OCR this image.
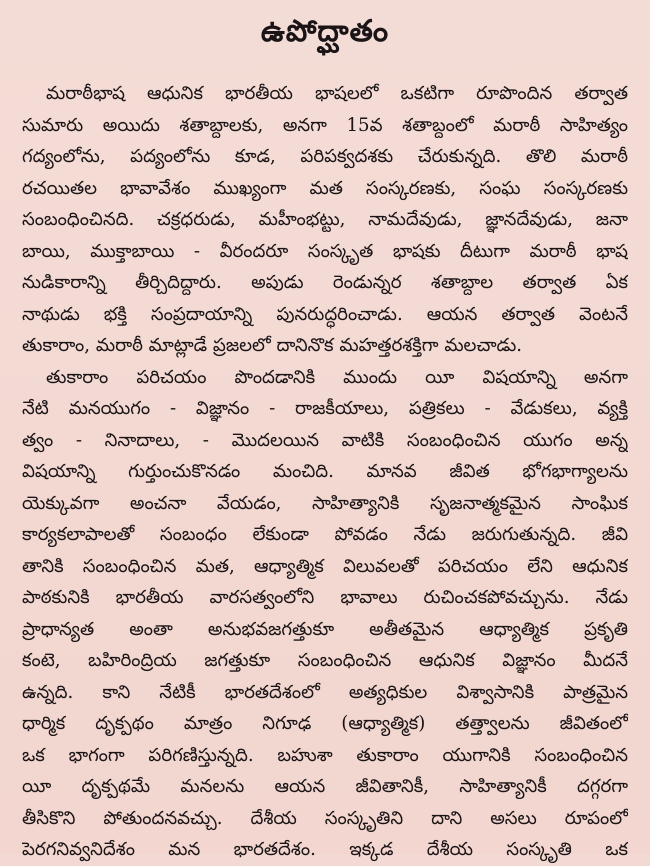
ఉపోద్ఘాతం
మరాఠీభాష ఆధునిక భారతీయ భాషలలో ఒకటిగా రూపొందిన తర్వాత
సుమారు అయిదు శతాబ్దాలకు, అనగా 15వ శతాబ్దంలో మరాఠీ సాహిత్యం
గద్యంలోను, పద్యంలోను కూడ, పరిపక్వదశకు చేరుకున్నది. తొలి మరాఠీ
రచయితల భావావేశం ముఖ్యంగా మత సంస్కరణకు, సంఘ సంస్కరణకు
సంబంధించినది. చక్రధరుడు, మహీంభట్టు, నామదేవుడు, జ్ఞానదేవుడు, జనా
బాయి, ముక్తాబాయి - వీరందరూ సంస్కృత భాషకు దీటుగా మరాఠీ భాష
నుడికారాన్ని తీర్చిదిద్దారు. అపుడు రెండున్నర శతాబ్దాల తర్వాత ఏక
నాథుడు భక్తి సంప్రదాయాన్ని పునరుద్ధరించాడు. ఆయన తర్వాత వెంటనే
తుకారాం, మరాఠీ మాట్లాడే ప్రజలలో దానినొక మహత్తరశక్తిగా మలచాడు.
తుకారాం పరిచయం పొందడానికి ముందు యీ విషయాన్ని అనగా
నేటి మనయుగం - విజ్ఞానం - రాజకీయాలు, పత్రికలు - వేడుకలు, వ్యక్తి
త్వం - నినాదాలు, - మొదలయిన వాటికి సంబంధించిన యుగం అన్న
విషయాన్ని గుర్తుంచుకొనడం మంచిది. మానవ జీవిత భోగభాగ్యాలను
యెక్కువగా అంచనా వేయడం, సాహిత్యానికి సృజనాత్మకమైన సాంఘిక
కార్యకలాపాలతో సంబంధం లేకుండా పోవడం నేడు జరుగుతున్నది. జీవి
తానికి సంబంధించిన మత, ఆధ్యాత్మిక విలువలతో పరిచయం లేని ఆధునిక
పాఠకునికి భారతీయ వారసత్వంలోని భావాలు రుచించకపోవచ్చును. నేడు
ప్రాధాన్యత అంతా అనుభవజగత్తుకూ అతీతమైన ఆధ్యాత్మిక ప్రకృతి
కంటె, బహిరింద్రియ జగత్తుకూ సంబంధించిన ఆధునిక విజ్ఞానం మీదనే
ఉన్నది. కాని నేటికీ భారతదేశంలో అత్యధికుల విశ్వాసానికి పాత్రమైన
ధార్మిక దృక్పథం మాత్రం నిగూఢ (ఆధ్యాత్మిక) తత్త్వాలను జీవితంలో
ఒక భాగంగా పరిగణిస్తున్నది. బహుశా తుకారాం యుగానికి సంబంధించిన
యీ దృక్పథమే మనలను ఆయన జీవితానికీ, సాహిత్యానికీ దగ్గరగా
తీసికొని పోతుందనవచ్చు. దేశీయ సంస్కృతిని దాని అసలు రూపంలో
పెరగనివ్వనిదేశం మన భారతదేశం. ఇక్కడ దేశీయ సంస్కృతి ఒక
